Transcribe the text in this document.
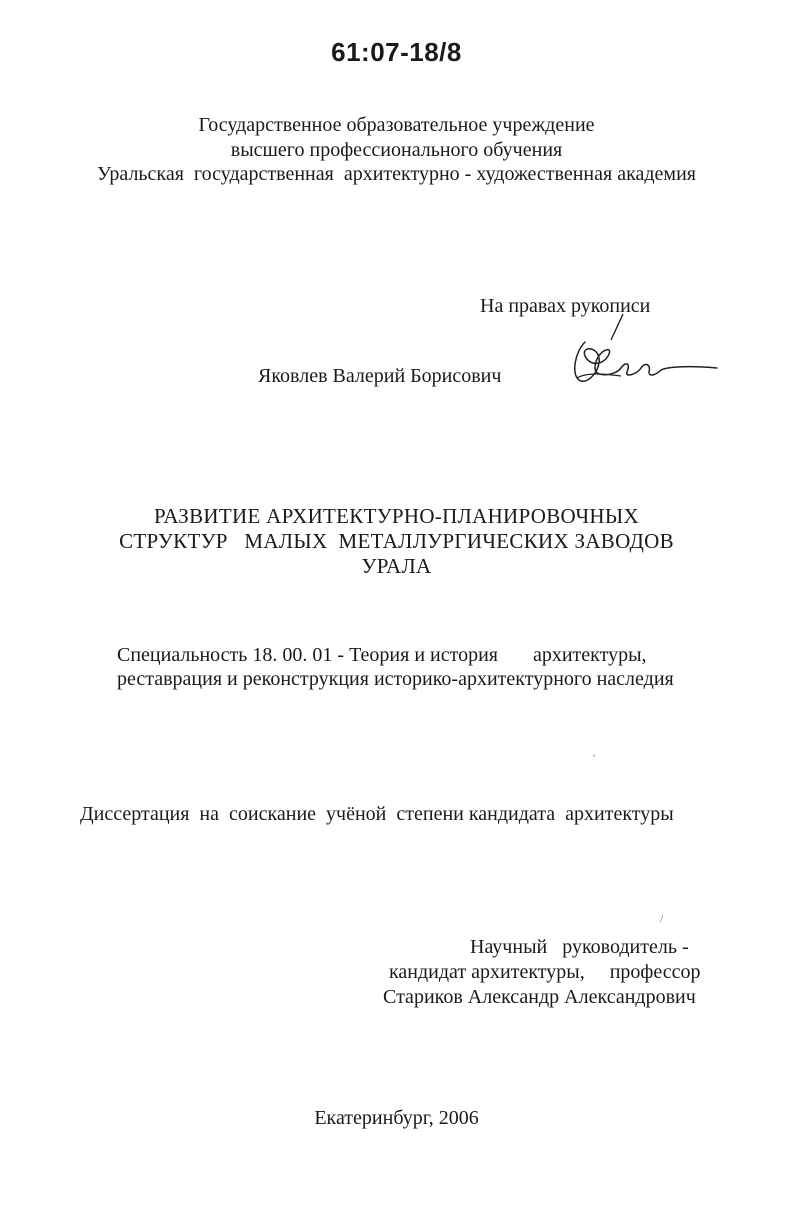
61:07-18/8
Государственное образовательное учреждение
высшего профессионального обучения
Уральская  государственная  архитектурно - художественная академия
На правах рукописи
Яковлев Валерий Борисович
РАЗВИТИЕ АРХИТЕКТУРНО-ПЛАНИРОВОЧНЫХ
СТРУКТУР   МАЛЫХ  МЕТАЛЛУРГИЧЕСКИХ ЗАВОДОВ
УРАЛА
Специальность 18. 00. 01 - Теория и история       архитектуры,
реставрация и реконструкция историко-архитектурного наследия
'
Диссертация  на  соискание  учёной  степени кандидата  архитектуры
/
Научный   руководитель -
кандидат архитектуры,     профессор
Стариков Александр Александрович
Екатеринбург, 2006
